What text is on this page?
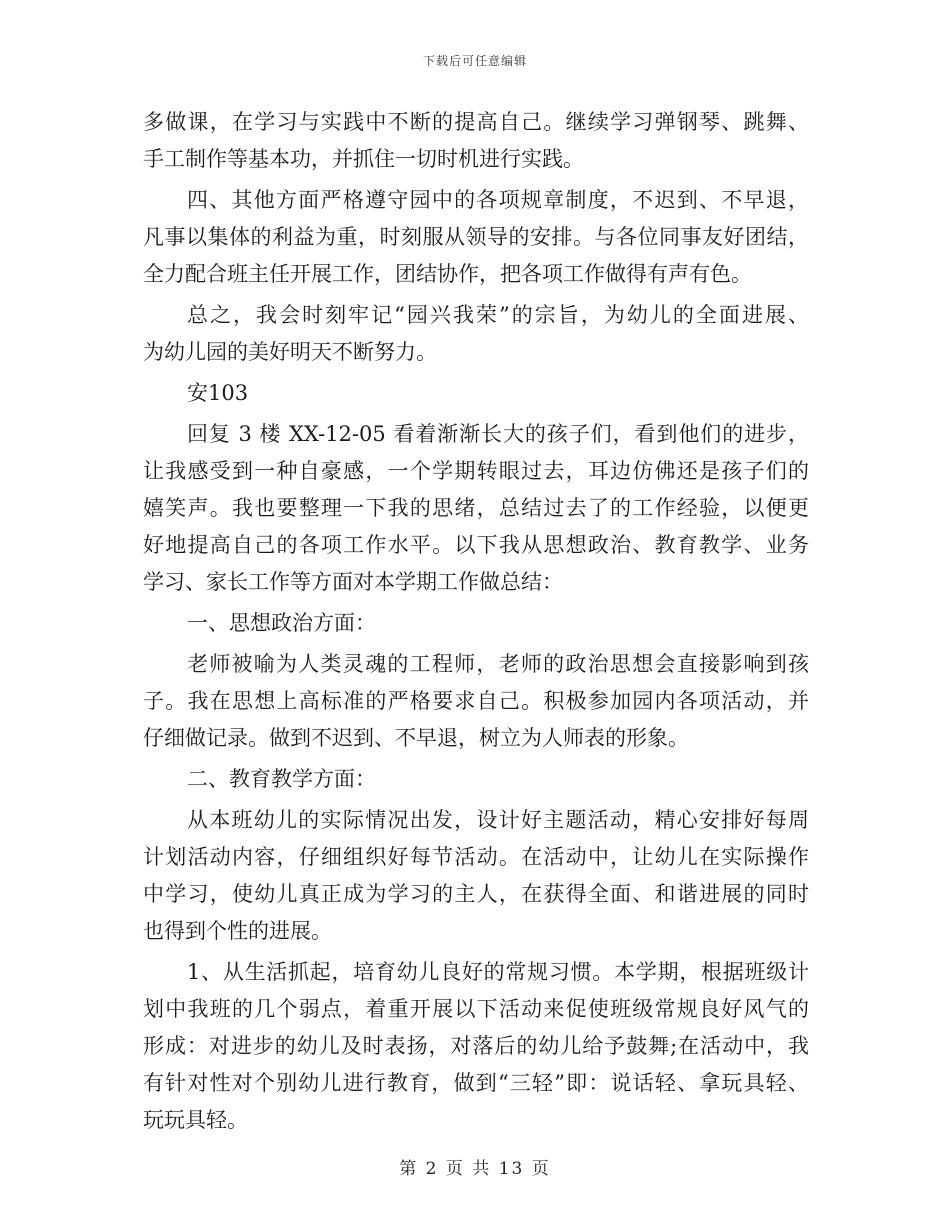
下载后可任意编辑
多做课，在学习与实践中不断的提高自己。继续学习弹钢琴、跳舞、
手工制作等基本功，并抓住一切时机进行实践。
四、其他方面严格遵守园中的各项规章制度，不迟到、不早退，
凡事以集体的利益为重，时刻服从领导的安排。与各位同事友好团结，
全力配合班主任开展工作，团结协作，把各项工作做得有声有色。
总之，我会时刻牢记“园兴我荣”的宗旨，为幼儿的全面进展、
为幼儿园的美好明天不断努力。
安103
回复 3 楼 XX-12-05 看着渐渐长大的孩子们，看到他们的进步，
让我感受到一种自豪感，一个学期转眼过去，耳边仿佛还是孩子们的
嬉笑声。我也要整理一下我的思绪，总结过去了的工作经验，以便更
好地提高自己的各项工作水平。以下我从思想政治、教育教学、业务
学习、家长工作等方面对本学期工作做总结：
一、思想政治方面：
老师被喻为人类灵魂的工程师，老师的政治思想会直接影响到孩
子。我在思想上高标准的严格要求自己。积极参加园内各项活动，并
仔细做记录。做到不迟到、不早退，树立为人师表的形象。
二、教育教学方面：
从本班幼儿的实际情况出发，设计好主题活动，精心安排好每周
计划活动内容，仔细组织好每节活动。在活动中，让幼儿在实际操作
中学习，使幼儿真正成为学习的主人，在获得全面、和谐进展的同时
也得到个性的进展。
1、从生活抓起，培育幼儿良好的常规习惯。本学期，根据班级计
划中我班的几个弱点，着重开展以下活动来促使班级常规良好风气的
形成：对进步的幼儿及时表扬，对落后的幼儿给予鼓舞;在活动中，我
有针对性对个别幼儿进行教育，做到“三轻”即：说话轻、拿玩具轻、
玩玩具轻。
第 2 页 共 13 页
